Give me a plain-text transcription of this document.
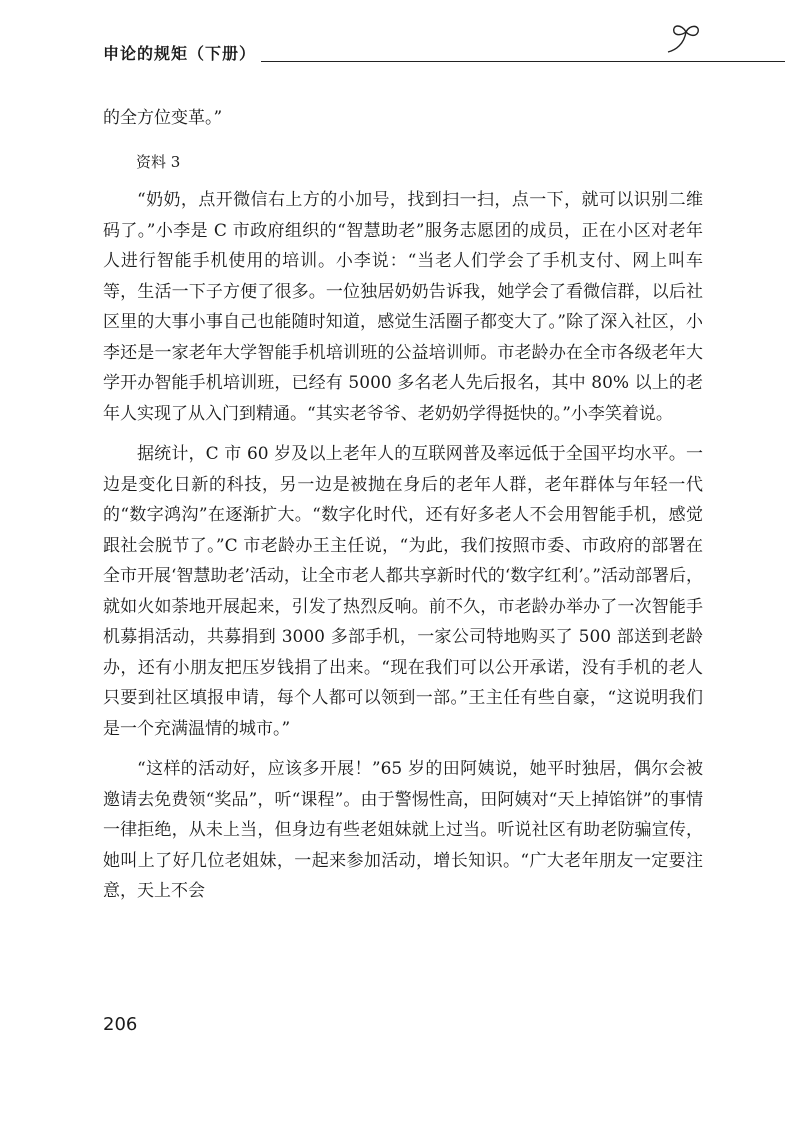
申论的规矩（下册）

的全方位变革。”

资料 3

“奶奶，点开微信右上方的小加号，找到扫一扫，点一下，就可以识别二维码了。”小李是 C 市政府组织的“智慧助老”服务志愿团的成员，正在小区对老年人进行智能手机使用的培训。小李说：“当老人们学会了手机支付、网上叫车等，生活一下子方便了很多。一位独居奶奶告诉我，她学会了看微信群，以后社区里的大事小事自己也能随时知道，感觉生活圈子都变大了。”除了深入社区，小李还是一家老年大学智能手机培训班的公益培训师。市老龄办在全市各级老年大学开办智能手机培训班，已经有 5000 多名老人先后报名，其中 80% 以上的老年人实现了从入门到精通。“其实老爷爷、老奶奶学得挺快的。”小李笑着说。

据统计，C 市 60 岁及以上老年人的互联网普及率远低于全国平均水平。一边是变化日新的科技，另一边是被抛在身后的老年人群，老年群体与年轻一代的“数字鸿沟”在逐渐扩大。“数字化时代，还有好多老人不会用智能手机，感觉跟社会脱节了。”C 市老龄办王主任说，“为此，我们按照市委、市政府的部署在全市开展‘智慧助老’活动，让全市老人都共享新时代的‘数字红利’。”活动部署后，就如火如荼地开展起来，引发了热烈反响。前不久，市老龄办举办了一次智能手机募捐活动，共募捐到 3000 多部手机，一家公司特地购买了 500 部送到老龄办，还有小朋友把压岁钱捐了出来。“现在我们可以公开承诺，没有手机的老人只要到社区填报申请，每个人都可以领到一部。”王主任有些自豪，“这说明我们是一个充满温情的城市。”

“这样的活动好，应该多开展！”65 岁的田阿姨说，她平时独居，偶尔会被邀请去免费领“奖品”，听“课程”。由于警惕性高，田阿姨对“天上掉馅饼”的事情一律拒绝，从未上当，但身边有些老姐妹就上过当。听说社区有助老防骗宣传，她叫上了好几位老姐妹，一起来参加活动，增长知识。“广大老年朋友一定要注意，天上不会

206
